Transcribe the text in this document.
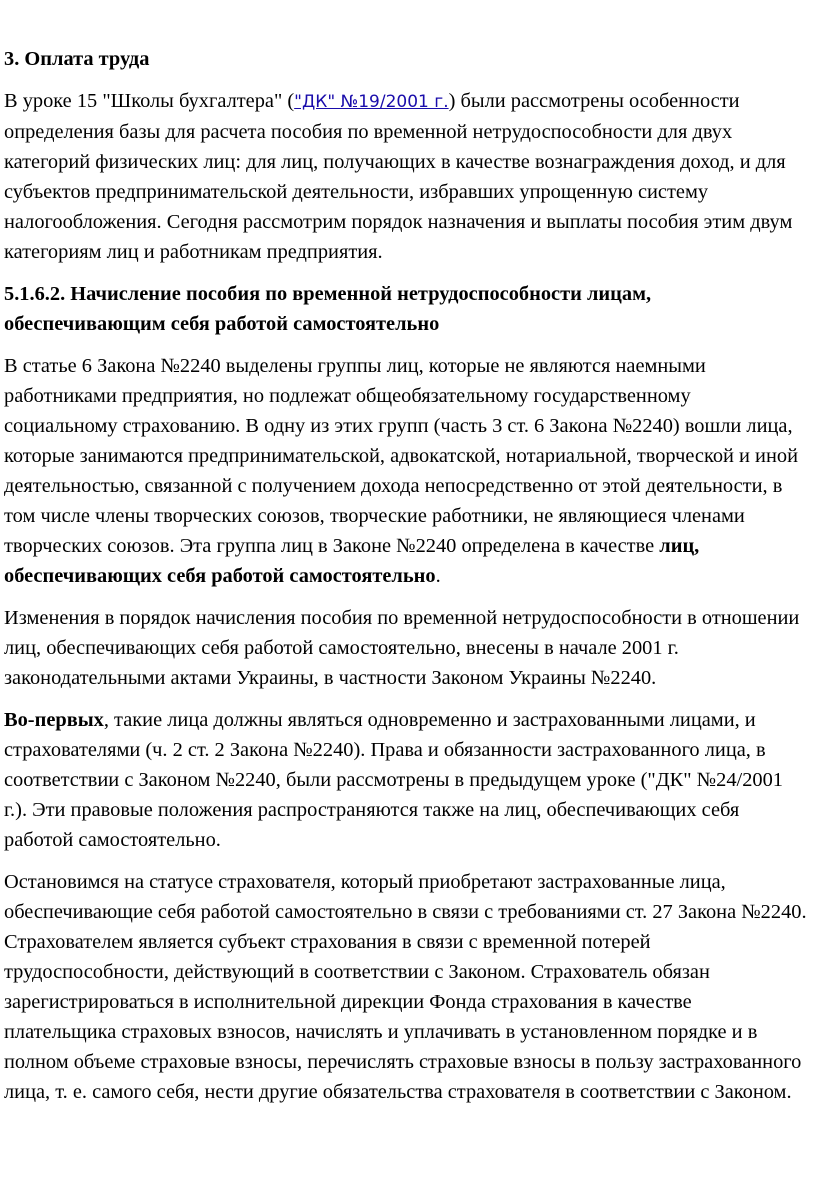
3. Оплата труда

В уроке 15 "Школы бухгалтера" ("ДК" №19/2001 г.) были рассмотрены особенности определения базы для расчета пособия по временной нетрудоспособности для двух категорий физических лиц: для лиц, получающих в качестве вознаграждения доход, и для субъектов предпринимательской деятельности, избравших упрощенную систему налогообложения. Сегодня рассмотрим порядок назначения и выплаты пособия этим двум категориям лиц и работникам предприятия.

5.1.6.2. Начисление пособия по временной нетрудоспособности лицам, обеспечивающим себя работой самостоятельно

В статье 6 Закона №2240 выделены группы лиц, которые не являются наемными работниками предприятия, но подлежат общеобязательному государственному социальному страхованию. В одну из этих групп (часть 3 ст. 6 Закона №2240) вошли лица, которые занимаются предпринимательской, адвокатской, нотариальной, творческой и иной деятельностью, связанной с получением дохода непосредственно от этой деятельности, в том числе члены творческих союзов, творческие работники, не являющиеся членами творческих союзов. Эта группа лиц в Законе №2240 определена в качестве лиц, обеспечивающих себя работой самостоятельно.

Изменения в порядок начисления пособия по временной нетрудоспособности в отношении лиц, обеспечивающих себя работой самостоятельно, внесены в начале 2001 г. законодательными актами Украины, в частности Законом Украины №2240.

Во-первых, такие лица должны являться одновременно и застрахованными лицами, и страхователями (ч. 2 ст. 2 Закона №2240). Права и обязанности застрахованного лица, в соответствии с Законом №2240, были рассмотрены в предыдущем уроке ("ДК" №24/2001 г.). Эти правовые положения распространяются также на лиц, обеспечивающих себя работой самостоятельно.

Остановимся на статусе страхователя, который приобретают застрахованные лица, обеспечивающие себя работой самостоятельно в связи с требованиями ст. 27 Закона №2240. Страхователем является субъект страхования в связи с временной потерей трудоспособности, действующий в соответствии с Законом. Страхователь обязан зарегистрироваться в исполнительной дирекции Фонда страхования в качестве плательщика страховых взносов, начислять и уплачивать в установленном порядке и в полном объеме страховые взносы, перечислять страховые взносы в пользу застрахованного лица, т. е. самого себя, нести другие обязательства страхователя в соответствии с Законом.
